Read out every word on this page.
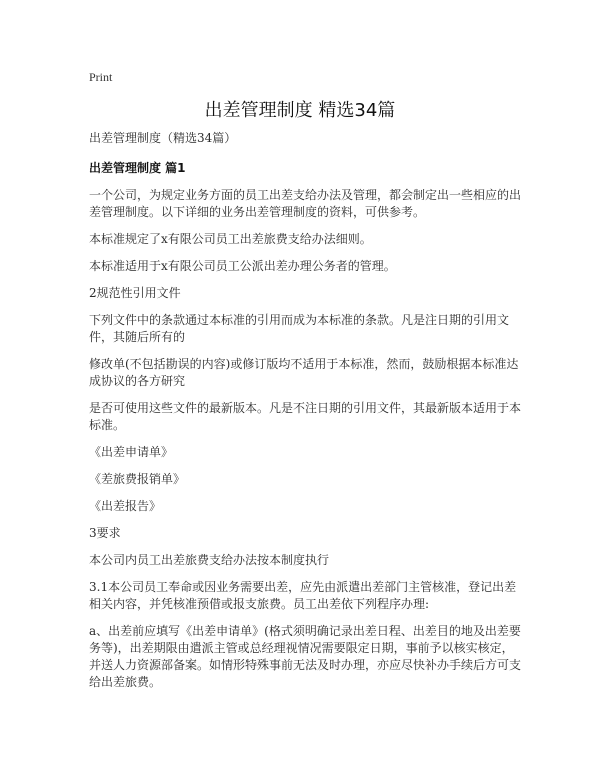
Print
出差管理制度 精选34篇

出差管理制度（精选34篇）

出差管理制度 篇1

一个公司，为规定业务方面的员工出差支给办法及管理，都会制定出一些相应的出差管理制度。以下详细的业务出差管理制度的资料，可供参考。

本标准规定了x有限公司员工出差旅费支给办法细则。

本标准适用于x有限公司员工公派出差办理公务者的管理。

2规范性引用文件

下列文件中的条款通过本标准的引用而成为本标准的条款。凡是注日期的引用文件，其随后所有的

修改单(不包括勘误的内容)或修订版均不适用于本标准，然而，鼓励根据本标准达成协议的各方研究

是否可使用这些文件的最新版本。凡是不注日期的引用文件，其最新版本适用于本标准。

《出差申请单》

《差旅费报销单》

《出差报告》

3要求

本公司内员工出差旅费支给办法按本制度执行

3.1本公司员工奉命或因业务需要出差，应先由派遣出差部门主管核准，登记出差相关内容，并凭核准预借或报支旅费。员工出差依下列程序办理:

a、出差前应填写《出差申请单》(格式须明确记录出差日程、出差目的地及出差要务等)，出差期限由遣派主管或总经理视情况需要限定日期，事前予以核实核定，并送人力资源部备案。如情形特殊事前无法及时办理，亦应尽快补办手续后方可支给出差旅费。
